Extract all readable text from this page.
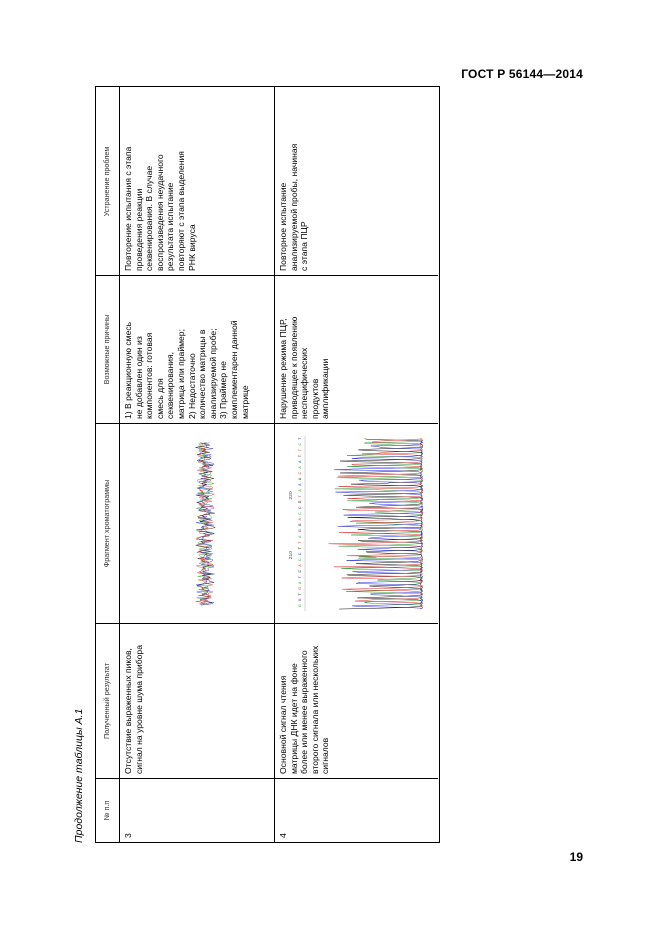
ГОСТ Р 56144—2014
Продолжение таблицы А.1	№ п.п
Полученный результат
Фрагмент хроматограммы
Возможные причины
Устранение проблем
3
Отсутствие выраженных пиков, сигнал на уровне шума прибора
1) В реакционную смесь не добавлен один из компонентов: готовая смесь для секвенирования, матрица или праймер; 2) Недостаточно количество матрицы в анализируемой пробе; 3) Праймер не комплементарен данной матрице
Повторение испытания с этапа проведения реакции секвенирования. В случае воспроизведения неудачного результата испытание повторяют с этапа выделения РНК вируса
4
Основной сигнал чтения матрицы ДНК идет на фоне более или менее выраженного второго сигнала или нескольких сигналов
210
220
G
G
T
G
A
T
C
A
C
C
T
T
A
G
G
A
C
C
G
T
A
A
A
C
A
A
T
T
C
T
Нарушение режима ПЦР, приводящее к появлению неспецифических продуктов амплификации
Повторное испытание анализируемой пробы, начиная с этапа ПЦР
19
